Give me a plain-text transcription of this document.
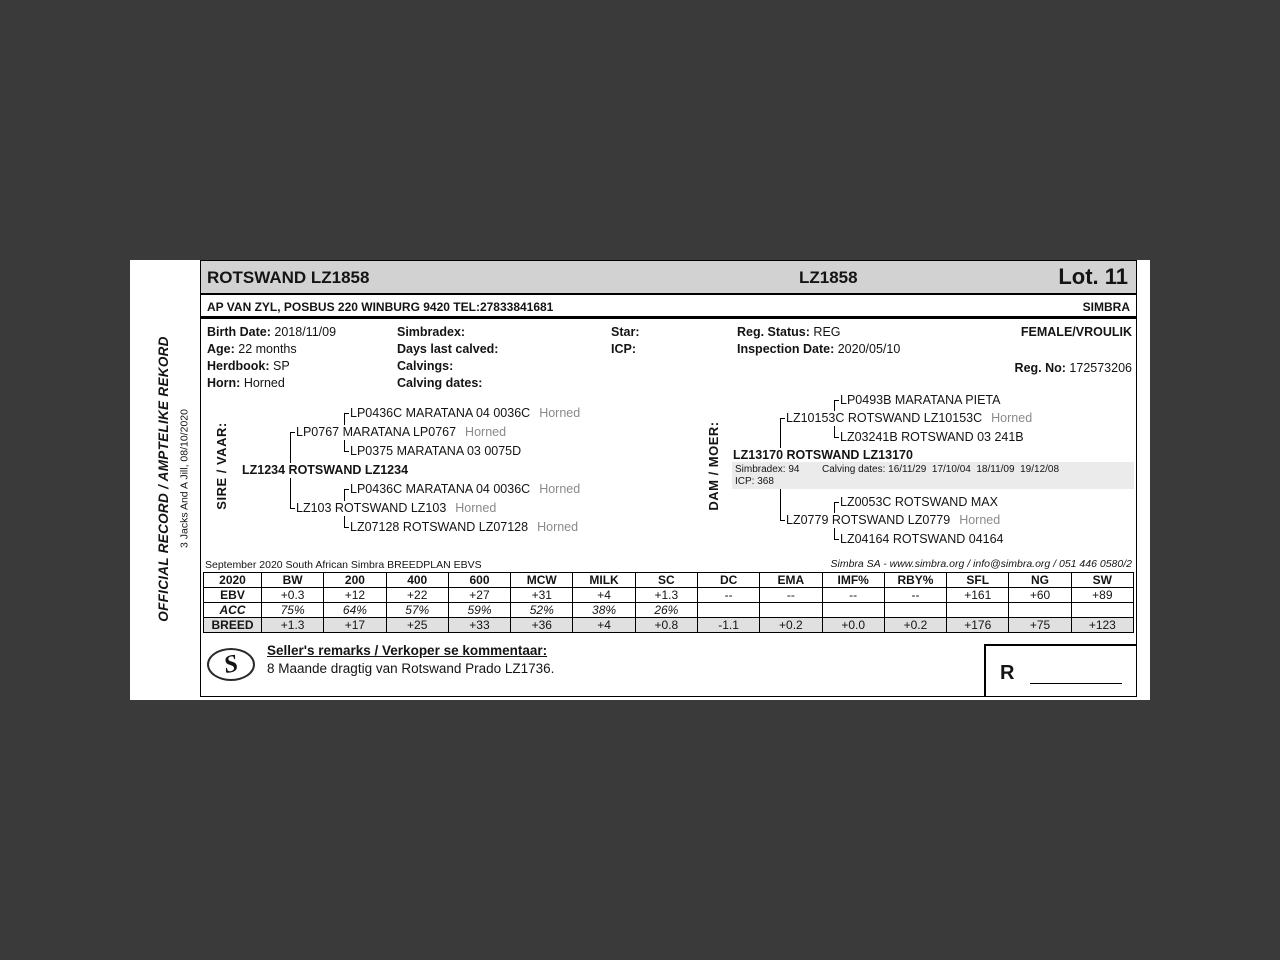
OFFICIAL RECORD / AMPTELIKE REKORD 3 Jacks And A Jill, 08/10/2020
ROTSWAND LZ1858	LZ1858	Lot. 11
AP VAN ZYL, POSBUS 220 WINBURG 9420 TEL:27833841681	SIMBRA
Birth Date: 2018/11/09	Simbradex:	Star:	Reg. Status: REG	FEMALE/VROULIK
Age: 22 months	Days last calved:	ICP:	Inspection Date: 2020/05/10
Herdbook: SP	Calvings:	Reg. No: 172573206
Horn: Horned	Calving dates:
SIRE / VAAR:	DAM / MOER:
LP0436C MARATANA 04 0036C Horned
LP0767 MARATANA LP0767 Horned
LP0375 MARATANA 03 0075D
LZ1234 ROTSWAND LZ1234
LP0436C MARATANA 04 0036C Horned
LZ103 ROTSWAND LZ103 Horned
LZ07128 ROTSWAND LZ07128 Horned
LP0493B MARATANA PIETA
LZ10153C ROTSWAND LZ10153C Horned
LZ03241B ROTSWAND 03 241B
LZ13170 ROTSWAND LZ13170
Simbradex: 94 Calving dates: 16/11/29  17/10/04  18/11/09  19/12/08
ICP: 368
LZ0053C ROTSWAND MAX
LZ0779 ROTSWAND LZ0779 Horned
LZ04164 ROTSWAND 04164
September 2020 South African Simbra BREEDPLAN EBVS	Simbra SA - www.simbra.org / info@simbra.org / 051 446 0580/2
2020	BW	200	400	600	MCW	MILK	SC	DC	EMA	IMF%	RBY%	SFL	NG	SW
EBV	+0.3	+12	+22	+27	+31	+4	+1.3	--	--	--	--	+161	+60	+89
ACC	75%	64%	57%	59%	52%	38%	26%							
BREED	+1.3	+17	+25	+33	+36	+4	+0.8	-1.1	+0.2	+0.0	+0.2	+176	+75	+123
S Seller's remarks / Verkoper se kommentaar:
8 Maande dragtig van Rotswand Prado LZ1736.	R
